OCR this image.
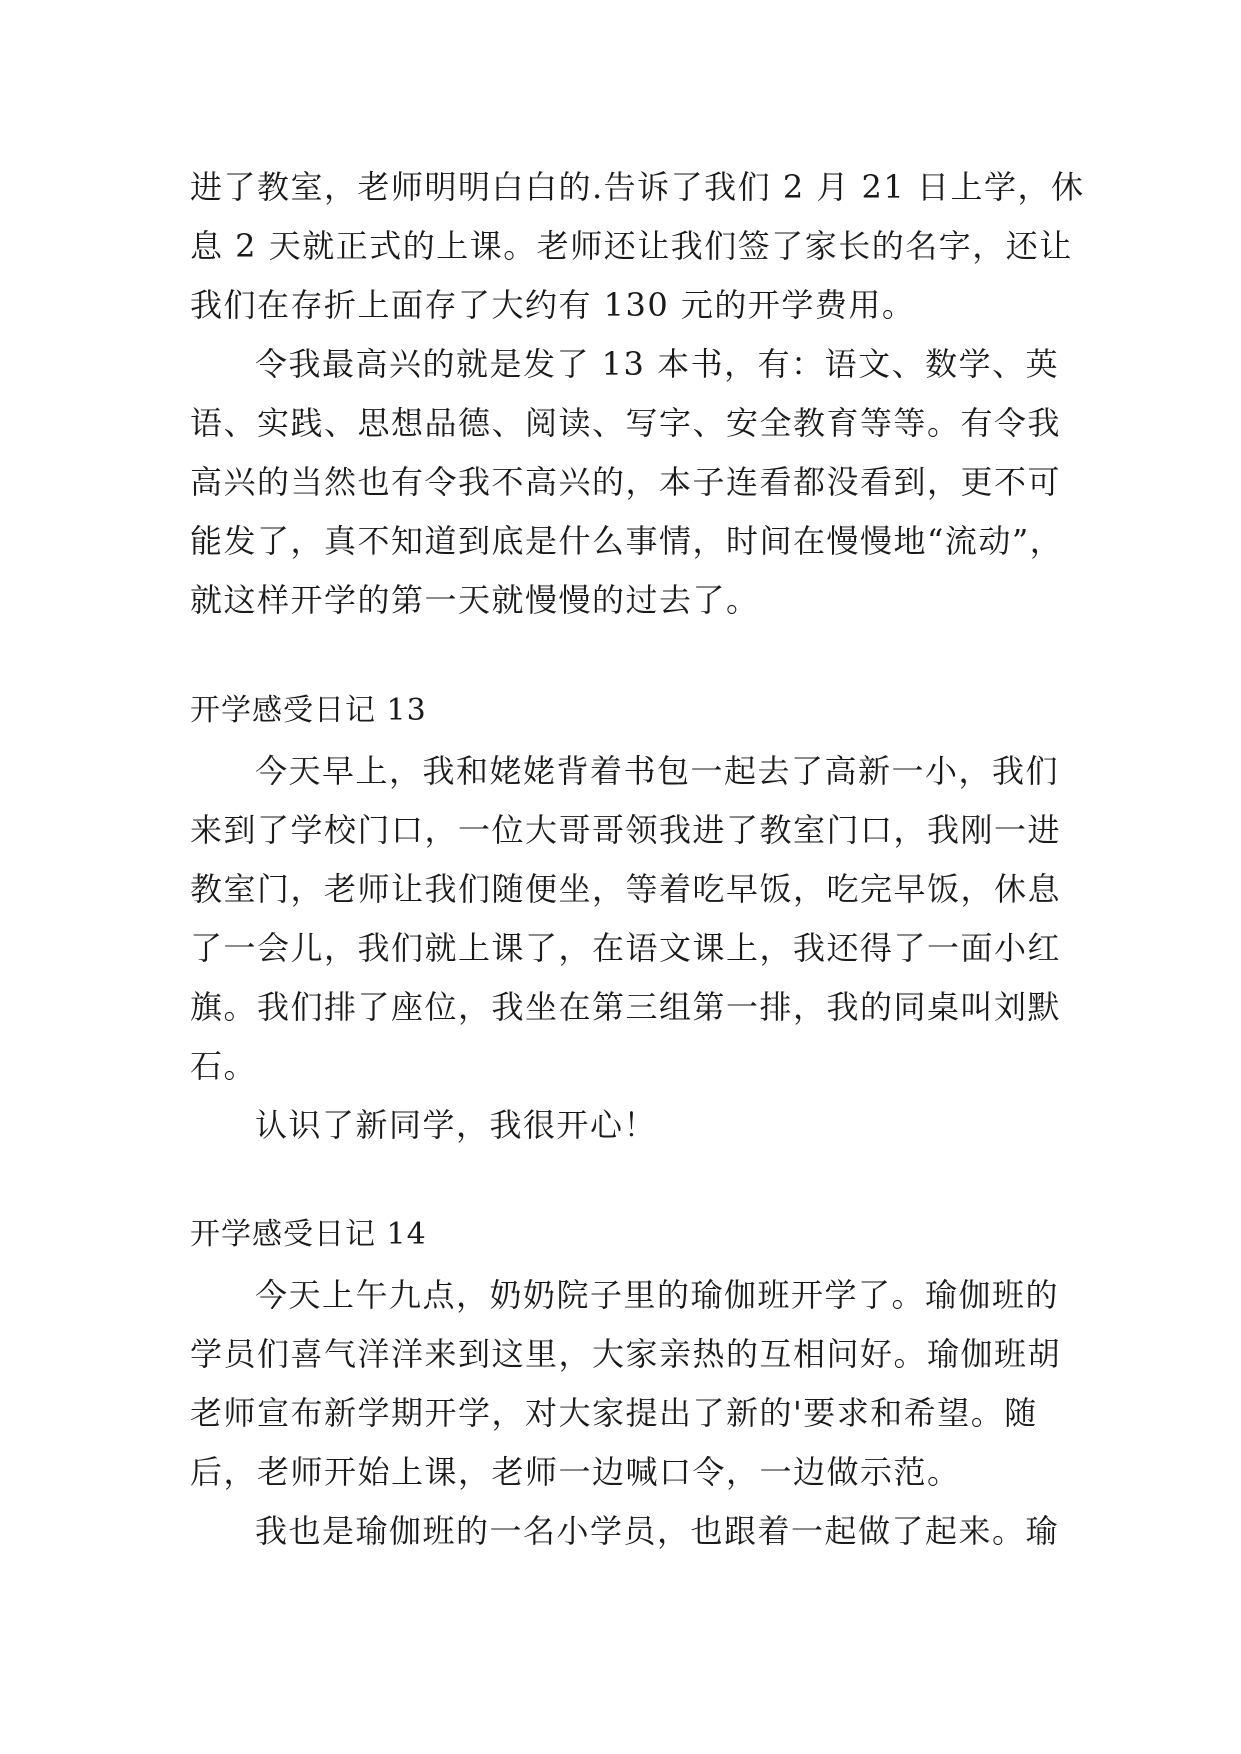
进了教室，老师明明白白的.告诉了我们 2 月 21 日上学，休
息 2 天就正式的上课。老师还让我们签了家长的名字，还让
我们在存折上面存了大约有 130 元的开学费用。
令我最高兴的就是发了 13 本书，有：语文、数学、英
语、实践、思想品德、阅读、写字、安全教育等等。有令我
高兴的当然也有令我不高兴的，本子连看都没看到，更不可
能发了，真不知道到底是什么事情，时间在慢慢地“流动”，
就这样开学的第一天就慢慢的过去了。
开学感受日记 13
今天早上，我和姥姥背着书包一起去了高新一小，我们
来到了学校门口，一位大哥哥领我进了教室门口，我刚一进
教室门，老师让我们随便坐，等着吃早饭，吃完早饭，休息
了一会儿，我们就上课了，在语文课上，我还得了一面小红
旗。我们排了座位，我坐在第三组第一排，我的同桌叫刘默
石。
认识了新同学，我很开心！
开学感受日记 14
今天上午九点，奶奶院子里的瑜伽班开学了。瑜伽班的
学员们喜气洋洋来到这里，大家亲热的互相问好。瑜伽班胡
老师宣布新学期开学，对大家提出了新的'要求和希望。随
后，老师开始上课，老师一边喊口令，一边做示范。
我也是瑜伽班的一名小学员，也跟着一起做了起来。瑜
